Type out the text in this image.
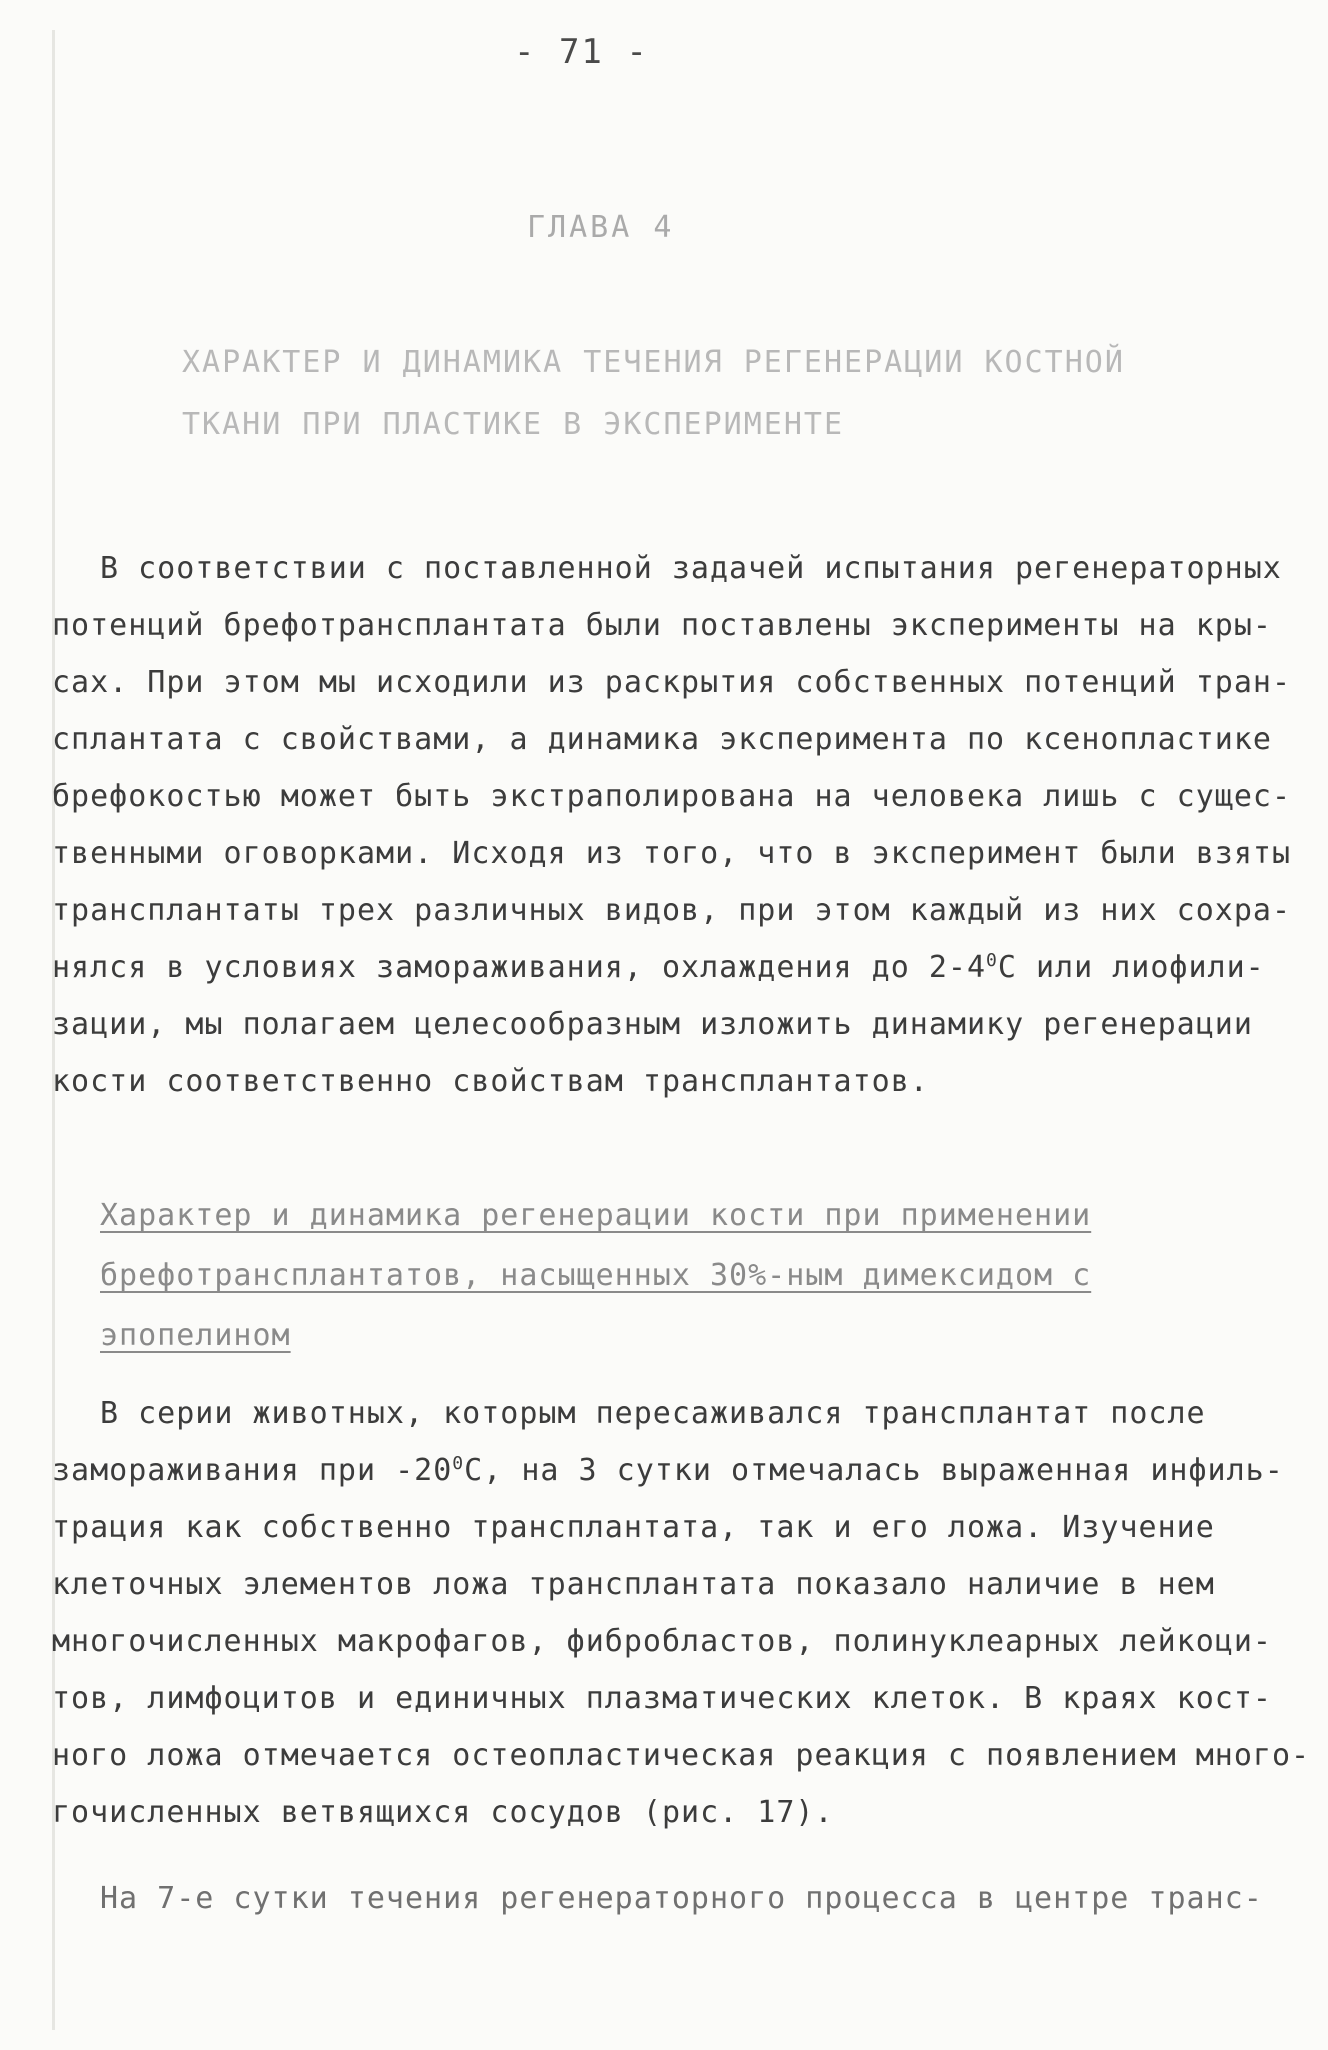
- 71 -
ГЛАВА 4
ХАРАКТЕР И ДИНАМИКА ТЕЧЕНИЯ РЕГЕНЕРАЦИИ КОСТНОЙ
ТКАНИ ПРИ ПЛАСТИКЕ В ЭКСПЕРИМЕНТЕ
В соответствии с поставленной задачей испытания регенераторных
потенций брефотрансплантата были поставлены эксперименты на кры-
сах. При этом мы исходили из раскрытия собственных потенций тран-
сплантата с свойствами, а динамика эксперимента по ксенопластике
брефокостью может быть экстраполирована на человека лишь с сущес-
твенными оговорками. Исходя из того, что в эксперимент были взяты
трансплантаты трех различных видов, при этом каждый из них сохра-
нялся в условиях замораживания, охлаждения до $2-4^0С$ или лиофили-
зации, мы полагаем целесообразным изложить динамику регенерации
кости соответственно свойствам трансплантатов.
Характер и динамика регенерации кости при применении
брефотрансплантатов, насыщенных 30%-ным димексидом с
эпопелином
В серии животных, которым пересаживался трансплантат после
замораживания при $-20^0С$, на 3 сутки отмечалась выраженная инфиль-
трация как собственно трансплантата, так и его ложа. Изучение
клеточных элементов ложа трансплантата показало наличие в нем
многочисленных макрофагов, фибробластов, полинуклеарных лейкоци-
тов, лимфоцитов и единичных плазматических клеток. В краях кост-
ного ложа отмечается остеопластическая реакция с появлением много-
гочисленных ветвящихся сосудов (рис. 17).
На 7-е сутки течения регенераторного процесса в центре транс-
